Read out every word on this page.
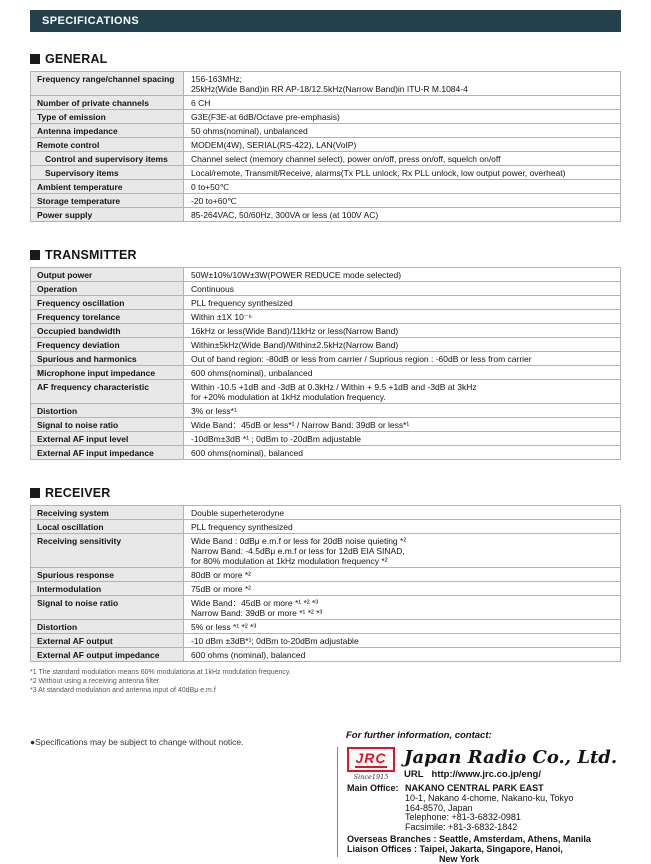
SPECIFICATIONS
GENERAL
Frequency range/channel spacing	156-163MHz;
25kHz(Wide Band)in RR AP-18/12.5kHz(Narrow Band)in ITU-R M.1084-4
Number of private channels	6 CH
Type of emission	G3E(F3E-at 6dB/Octave pre-emphasis)
Antenna impedance	50 ohms(nominal), unbalanced
Remote control	MODEM(4W), SERIAL(RS-422), LAN(VoIP)
Control and supervisory items	Channel select (memory channel select), power on/off, press on/off, squelch on/off
Supervisory items	Local/remote, Transmit/Receive, alarms(Tx PLL unlock, Rx PLL unlock, low output power, overheat)
Ambient temperature	0 to+50℃
Storage temperature	-20 to+60℃
Power supply	85-264VAC, 50/60Hz, 300VA or less (at 100V AC)
TRANSMITTER
Output power	50W±10%/10W±3W(POWER REDUCE mode selected)
Operation	Continuous
Frequency oscillation	PLL frequency synthesized
Frequency torelance	Within ±1X 10⁻⁶
Occupied bandwidth	16kHz or less(Wide Band)/11kHz or less(Narrow Band)
Frequency deviation	Within±5kHz(Wide Band)/Within±2.5kHz(Narrow Band)
Spurious and harmonics	Out of band region: -80dB or less from carrier / Suprious region : -60dB or less from carrier
Microphone input impedance	600 ohms(nominal), unbalanced
AF frequency characteristic	Within -10.5 +1dB and -3dB at 0.3kHz / Within + 9.5 +1dB and -3dB at 3kHz
for +20% modulation at 1kHz modulation frequency.
Distortion	3% or less*¹
Signal to noise ratio	Wide Band：45dB or less*¹ / Narrow Band: 39dB or less*¹
External AF input level	-10dBm±3dB *¹ ; 0dBm to -20dBm adjustable
External AF input impedance	600 ohms(nominal), balanced
RECEIVER
Receiving system	Double superheterodyne
Local oscillation	PLL frequency synthesized
Receiving sensitivity	Wide Band : 0dBμ e.m.f or less for 20dB noise quieting *²
Narrow Band: -4.5dBμ e.m.f or less for 12dB EIA SINAD,
for 80% modulation at 1kHz modulation frequency *²
Spurious response	80dB or more *²
Intermodulation	75dB or more *²
Signal to noise ratio	Wide Band：45dB or more *¹ *² *³
Narrow Band: 39dB or more *¹ *² *³
Distortion	5% or less *¹ *² *³
External AF output	-10 dBm ±3dB*¹; 0dBm to-20dBm adjustable
External AF output impedance	600 ohms (nominal), balanced
*1 The standard modulation means 60% modulationa at 1kHz modulation frequency.
*2 Without using a receiving antenna filter
*3 At standard modulation and antenna input of 40dBμ e.m.f
●Specifications may be subject to change without notice.
For further information, contact:
JRC
Since1915
Japan Radio Co., Ltd.
URL http://www.jrc.co.jp/eng/
Main Office: NAKANO CENTRAL PARK EAST
10-1, Nakano 4-chome, Nakano-ku, Tokyo
164-8570, Japan
Telephone: +81-3-6832-0981
Facsimile: +81-3-6832-1842
Overseas Branches : Seattle, Amsterdam, Athens, Manila
Liaison Offices : Taipei, Jakarta, Singapore, Hanoi,
New York
